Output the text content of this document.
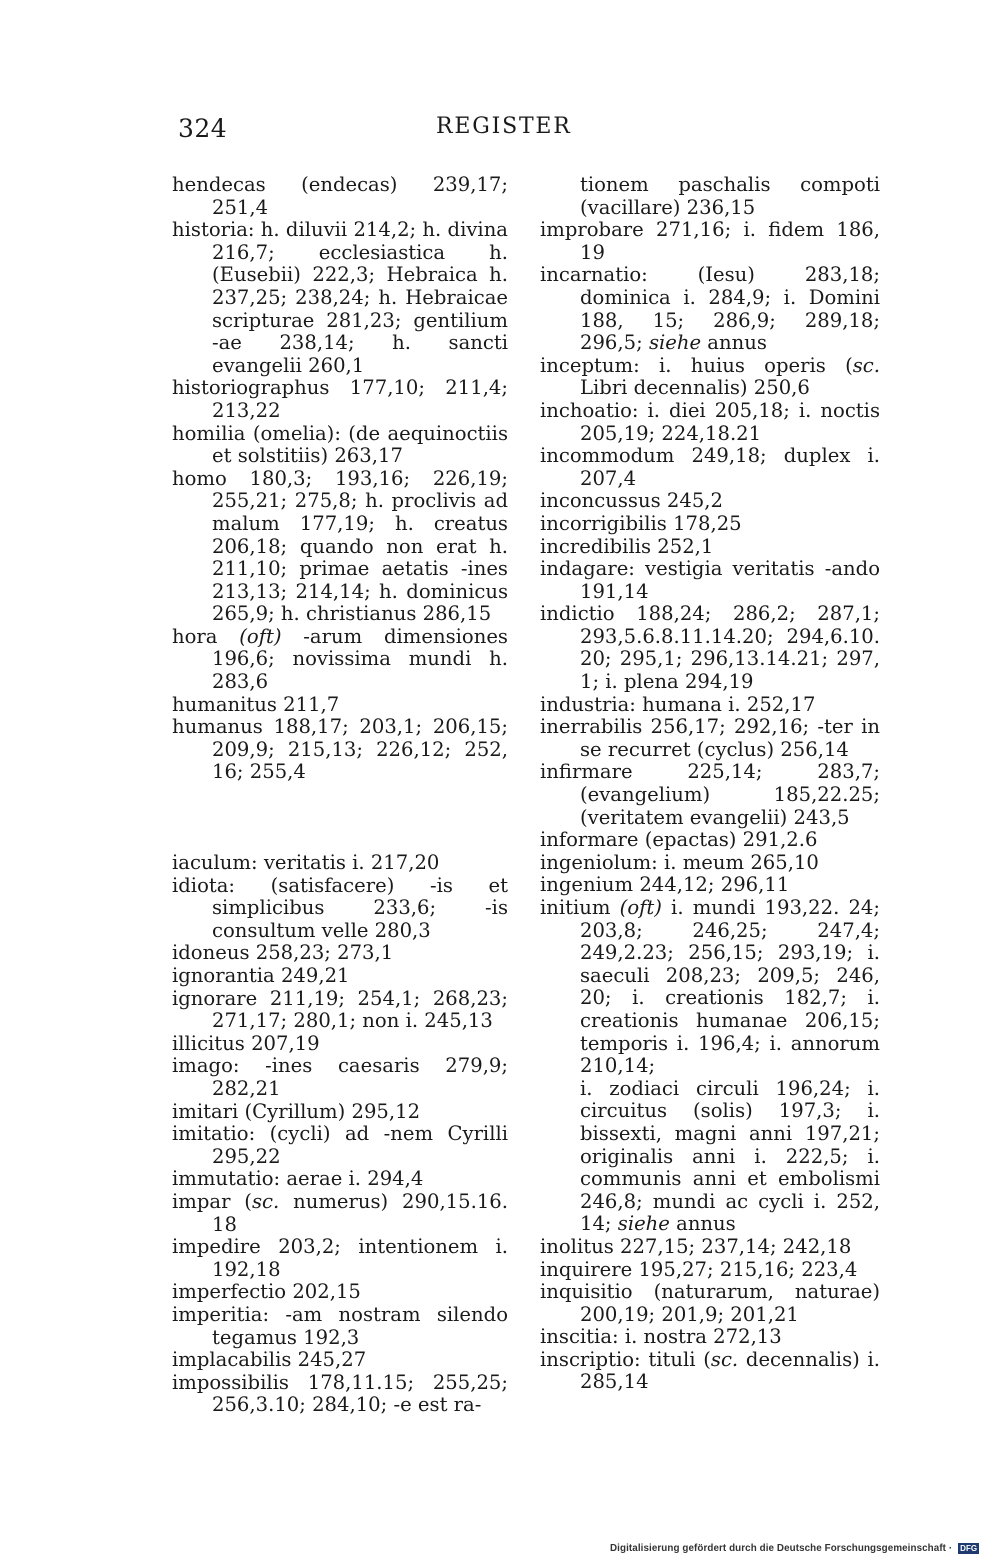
324	REGISTER
hendecas (endecas) 239,17; 251,4
historia: h. diluvii 214,2; h. divina 216,7; ecclesiastica h. (Eusebii) 222,3; Hebraica h. 237,25; 238,24; h. Hebraicae scripturae 281,23; gentilium -ae 238,14; h. sancti evangelii 260,1
historiographus 177,10; 211,4; 213,22
homilia (omelia): (de aequinoctiis et solstitiis) 263,17
homo 180,3; 193,16; 226,19; 255,21; 275,8; h. proclivis ad malum 177,19; h. creatus 206,18; quando non erat h. 211,10; primae aetatis -ines 213,13; 214,14; h. dominicus 265,9; h. christianus 286,15
hora (oft) -arum dimensiones 196,6; novissima mundi h. 283,6
humanitus 211,7
humanus 188,17; 203,1; 206,15; 209,9; 215,13; 226,12; 252, 16; 255,4
iaculum: veritatis i. 217,20
idiota: (satisfacere) -is et simplicibus 233,6; -is consultum velle 280,3
idoneus 258,23; 273,1
ignorantia 249,21
ignorare 211,19; 254,1; 268,23; 271,17; 280,1; non i. 245,13
illicitus 207,19
imago: -ines caesaris 279,9; 282,21
imitari (Cyrillum) 295,12
imitatio: (cycli) ad -nem Cyrilli 295,22
immutatio: aerae i. 294,4
impar (sc. numerus) 290,15.16. 18
impedire 203,2; intentionem i. 192,18
imperfectio 202,15
imperitia: -am nostram silendo tegamus 192,3
implacabilis 245,27
impossibilis 178,11.15; 255,25; 256,3.10; 284,10; -e est ra-
tionem paschalis compoti (vacillare) 236,15
improbare 271,16; i. fidem 186, 19
incarnatio: (Iesu) 283,18; dominica i. 284,9; i. Domini 188, 15; 286,9; 289,18; 296,5; siehe annus
inceptum: i. huius operis (sc. Libri decennalis) 250,6
inchoatio: i. diei 205,18; i. noctis 205,19; 224,18.21
incommodum 249,18; duplex i. 207,4
inconcussus 245,2
incorrigibilis 178,25
incredibilis 252,1
indagare: vestigia veritatis -ando 191,14
indictio 188,24; 286,2; 287,1; 293,5.6.8.11.14.20; 294,6.10. 20; 295,1; 296,13.14.21; 297, 1; i. plena 294,19
industria: humana i. 252,17
inerrabilis 256,17; 292,16; -ter in se recurret (cyclus) 256,14
infirmare 225,14; 283,7; (evangelium) 185,22.25; (veritatem evangelii) 243,5
informare (epactas) 291,2.6
ingeniolum: i. meum 265,10
ingenium 244,12; 296,11
initium (oft) i. mundi 193,22. 24; 203,8; 246,25; 247,4; 249,2.23; 256,15; 293,19; i. saeculi 208,23; 209,5; 246, 20; i. creationis 182,7; i. creationis humanae 206,15; temporis i. 196,4; i. annorum 210,14;
i. zodiaci circuli 196,24; i. circuitus (solis) 197,3; i. bissexti, magni anni 197,21; originalis anni i. 222,5; i. communis anni et embolismi 246,8; mundi ac cycli i. 252, 14; siehe annus
inolitus 227,15; 237,14; 242,18
inquirere 195,27; 215,16; 223,4
inquisitio (naturarum, naturae) 200,19; 201,9; 201,21
inscitia: i. nostra 272,13
inscriptio: tituli (sc. decennalis) i. 285,14
Digitalisierung gefördert durch die Deutsche Forschungsgemeinschaft · DFG
